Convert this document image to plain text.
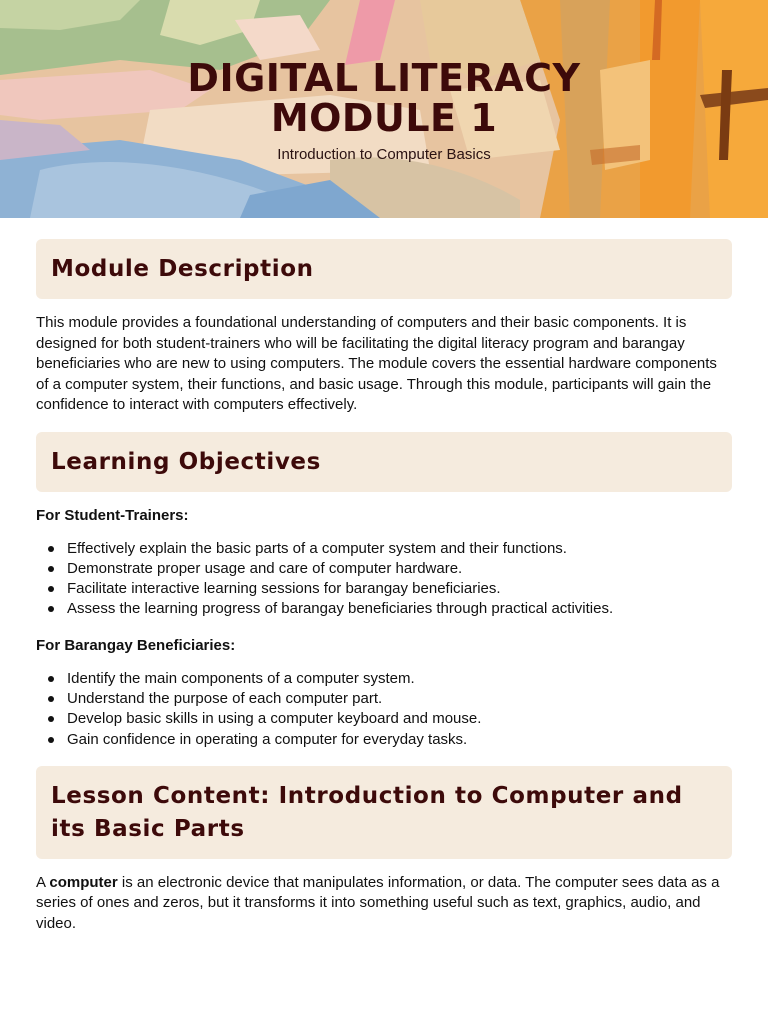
DIGITAL LITERACY
MODULE 1
Introduction to Computer Basics
Module Description

This module provides a foundational understanding of computers and their basic components. It is designed for both student-trainers who will be facilitating the digital literacy program and barangay beneficiaries who are new to using computers. The module covers the essential hardware components of a computer system, their functions, and basic usage. Through this module, participants will gain the confidence to interact with computers effectively.

Learning Objectives
For Student-Trainers:
Effectively explain the basic parts of a computer system and their functions.
Demonstrate proper usage and care of computer hardware.
Facilitate interactive learning sessions for barangay beneficiaries.
Assess the learning progress of barangay beneficiaries through practical activities.
For Barangay Beneficiaries:
Identify the main components of a computer system.
Understand the purpose of each computer part.
Develop basic skills in using a computer keyboard and mouse.
Gain confidence in operating a computer for everyday tasks.
Lesson Content: Introduction to Computer and its Basic Parts

A computer is an electronic device that manipulates information, or data. The computer sees data as a series of ones and zeros, but it transforms it into something useful such as text, graphics, audio, and video.
